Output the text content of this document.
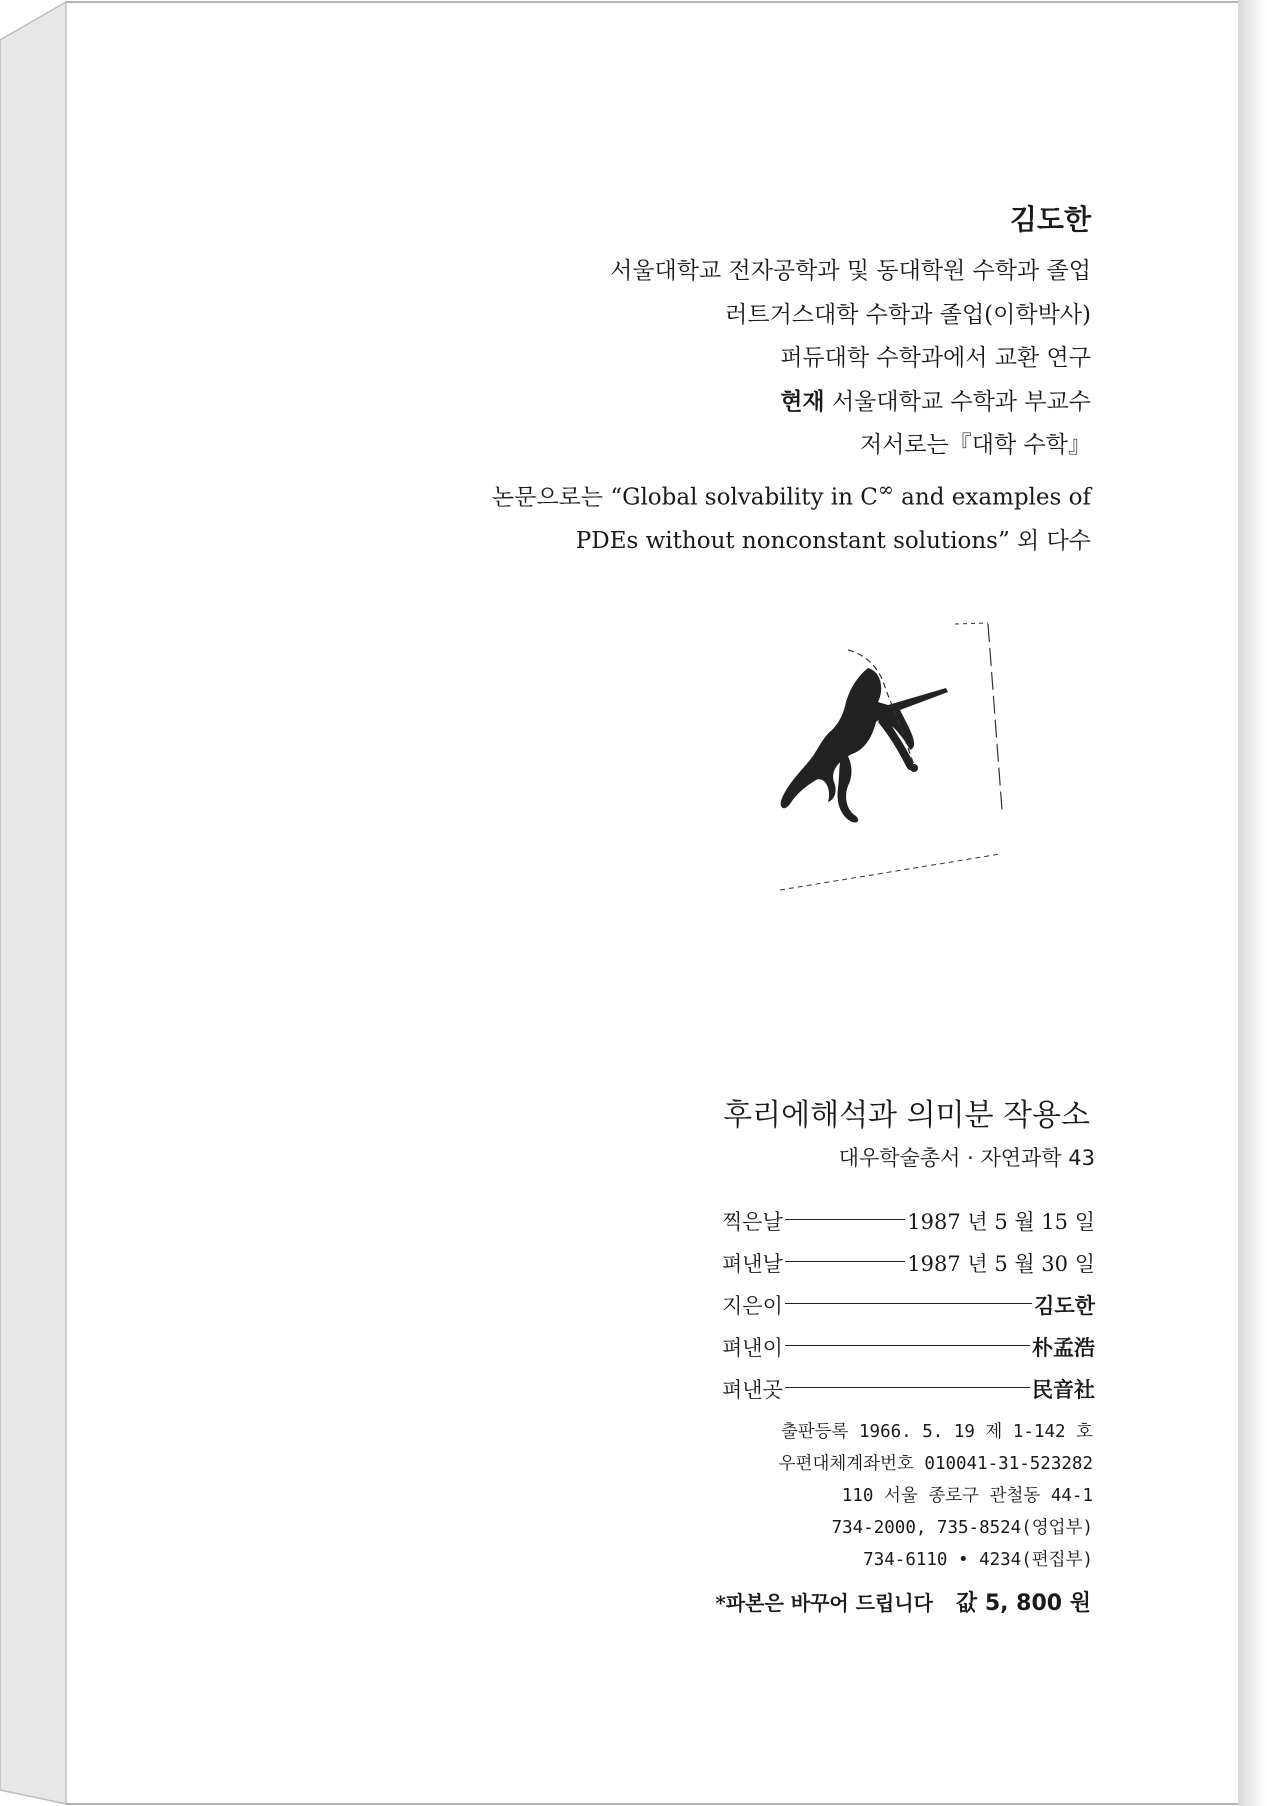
김도한
서울대학교 전자공학과 및 동대학원 수학과 졸업
러트거스대학 수학과 졸업(이학박사)
퍼듀대학 수학과에서 교환 연구
현재 서울대학교 수학과 부교수
저서로는『대학 수학』
논문으로는 “Global solvability in C∞ and examples of
PDEs without nonconstant solutions” 외 다수
후리에해석과 의미분 작용소
대우학술총서 · 자연과학 43
찍은날	1987 년 5 월 15 일
펴낸날	1987 년 5 월 30 일
지은이	김도한
펴낸이	朴孟浩
펴낸곳	民音社
출판등록 1966. 5. 19 제 1-142 호
우편대체계좌번호 010041-31-523282
110 서울 종로구 관철동 44-1
734-2000, 735-8524(영업부)
734-6110 • 4234(편집부)
*파본은 바꾸어 드립니다 값 5, 800 원
